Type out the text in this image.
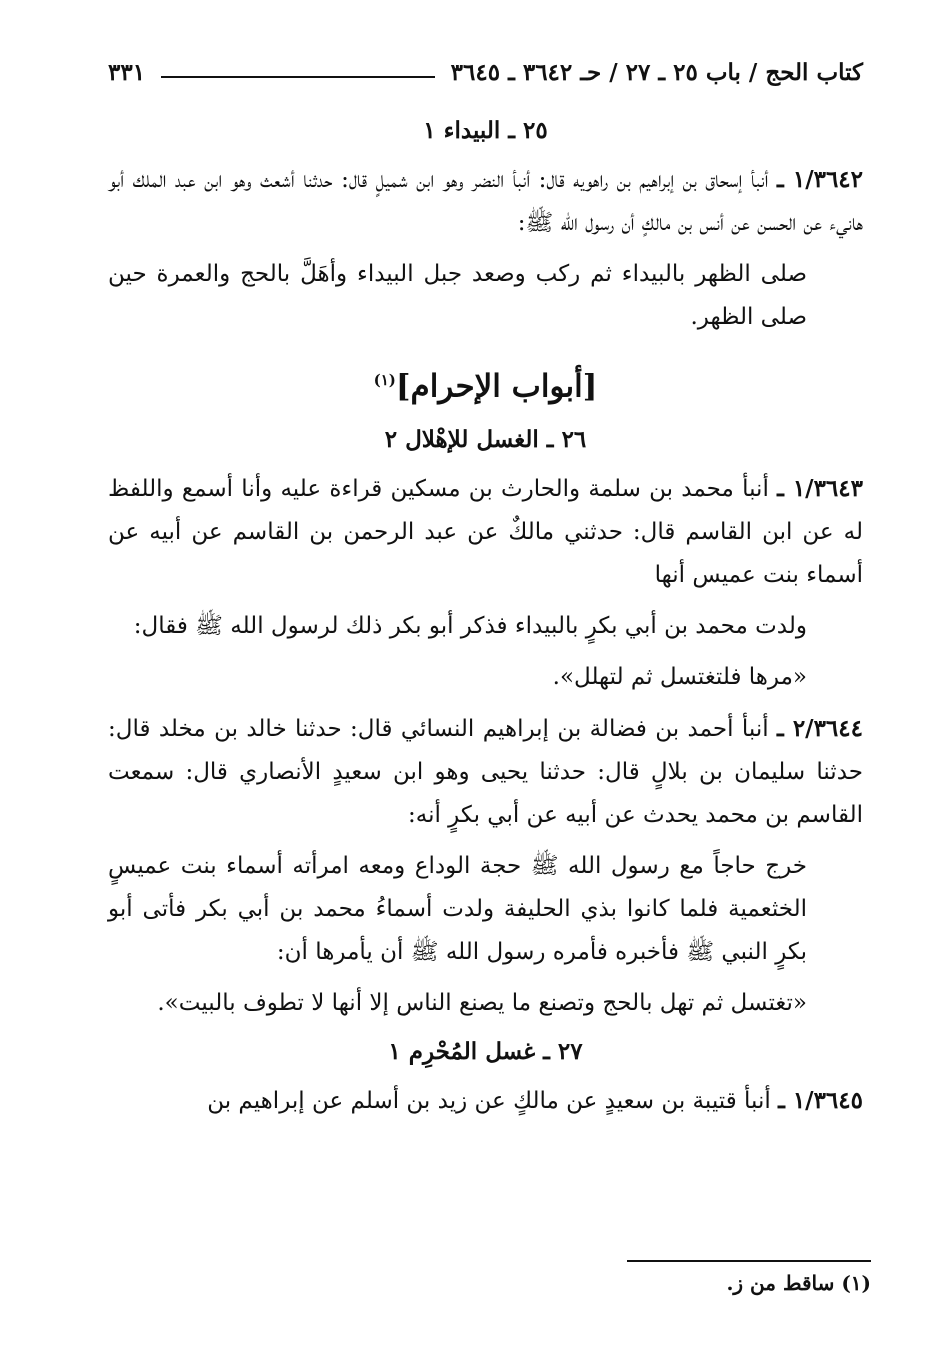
كتاب الحج / باب ٢٥ ـ ٢٧ / حـ ٣٦٤٢ ـ ٣٦٤٥
٣٣١
٢٥ ـ البيداء ١

١/٣٦٤٢ ـ أنبأ إسحاق بن إبراهيم بن راهويه قال: أنبأ النضر وهو ابن شميلٍ قال: حدثنا أشعث وهو ابن عبد الملك أبو هانيء عن الحسن عن أنس بن مالكٍ أن رسول الله ﷺ:

صلى الظهر بالبيداء ثم ركب وصعد جبل البيداء وأهَلَّ بالحج والعمرة حين صلى الظهر.

[أبواب الإحرام]$^{(١)}$
٢٦ ـ الغسل للإهْلال ٢

١/٣٦٤٣ ـ أنبأ محمد بن سلمة والحارث بن مسكين قراءة عليه وأنا أسمع واللفظ له عن ابن القاسم قال: حدثني مالكٌ عن عبد الرحمن بن القاسم عن أبيه عن أسماء بنت عميس أنها

ولدت محمد بن أبي بكرٍ بالبيداء فذكر أبو بكر ذلك لرسول الله ﷺ فقال:

«مرها فلتغتسل ثم لتهلل».

٢/٣٦٤٤ ـ أنبأ أحمد بن فضالة بن إبراهيم النسائي قال: حدثنا خالد بن مخلد قال: حدثنا سليمان بن بلالٍ قال: حدثنا يحيى وهو ابن سعيدٍ الأنصاري قال: سمعت القاسم بن محمد يحدث عن أبيه عن أبي بكرٍ أنه:

خرج حاجاً مع رسول الله ﷺ حجة الوداع ومعه امرأته أسماء بنت عميسٍ الخثعمية فلما كانوا بذي الحليفة ولدت أسماءُ محمد بن أبي بكر فأتى أبو بكرٍ النبي ﷺ فأخبره فأمره رسول الله ﷺ أن يأمرها أن:

«تغتسل ثم تهل بالحج وتصنع ما يصنع الناس إلا أنها لا تطوف بالبيت».

٢٧ ـ غسل المُحْرِم ١

١/٣٦٤٥ ـ أنبأ قتيبة بن سعيدٍ عن مالكٍ عن زيد بن أسلم عن إبراهيم بن

(١) ساقط من ز.
